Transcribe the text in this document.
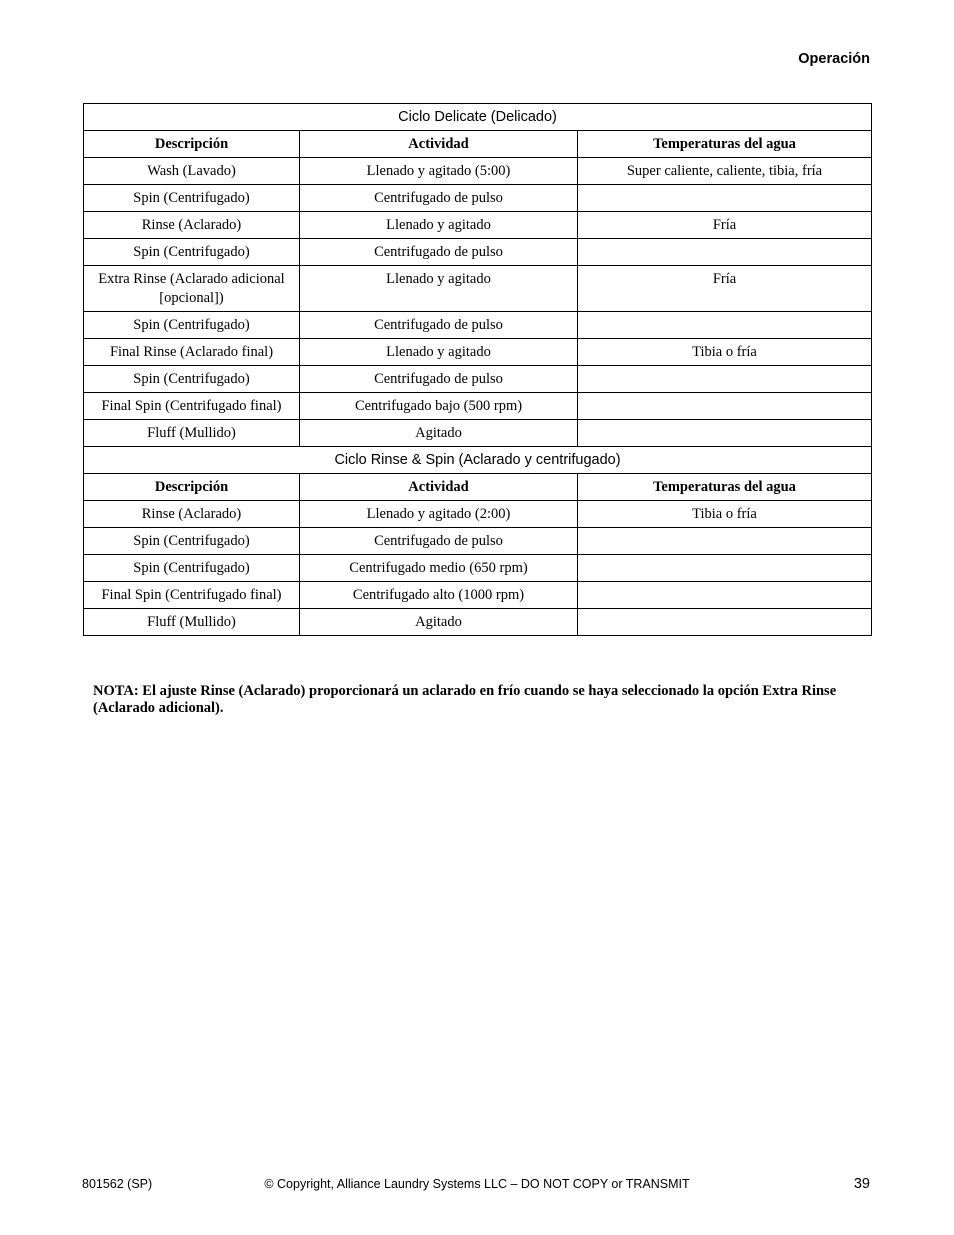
Operación
Ciclo Delicate (Delicado)		
Descripción	Actividad	Temperaturas del agua
Wash (Lavado)	Llenado y agitado (5:00)	Super caliente, caliente, tibia, fría
Spin (Centrifugado)	Centrifugado de pulso	
Rinse (Aclarado)	Llenado y agitado	Fría
Spin (Centrifugado)	Centrifugado de pulso	
Extra Rinse (Aclarado adicional [opcional])	Llenado y agitado	Fría
Spin (Centrifugado)	Centrifugado de pulso	
Final Rinse (Aclarado final)	Llenado y agitado	Tibia o fría
Spin (Centrifugado)	Centrifugado de pulso	
Final Spin (Centrifugado final)	Centrifugado bajo (500 rpm)	
Fluff (Mullido)	Agitado	
Ciclo Rinse & Spin (Aclarado y centrifugado)		
Descripción	Actividad	Temperaturas del agua
Rinse (Aclarado)	Llenado y agitado (2:00)	Tibia o fría
Spin (Centrifugado)	Centrifugado de pulso	
Spin (Centrifugado)	Centrifugado medio (650 rpm)	
Final Spin (Centrifugado final)	Centrifugado alto (1000 rpm)	
Fluff (Mullido)	Agitado	
NOTA: El ajuste Rinse (Aclarado) proporcionará un aclarado en frío cuando se haya seleccionado la opción Extra Rinse (Aclarado adicional).
801562 (SP)	© Copyright, Alliance Laundry Systems LLC – DO NOT COPY or TRANSMIT	39
